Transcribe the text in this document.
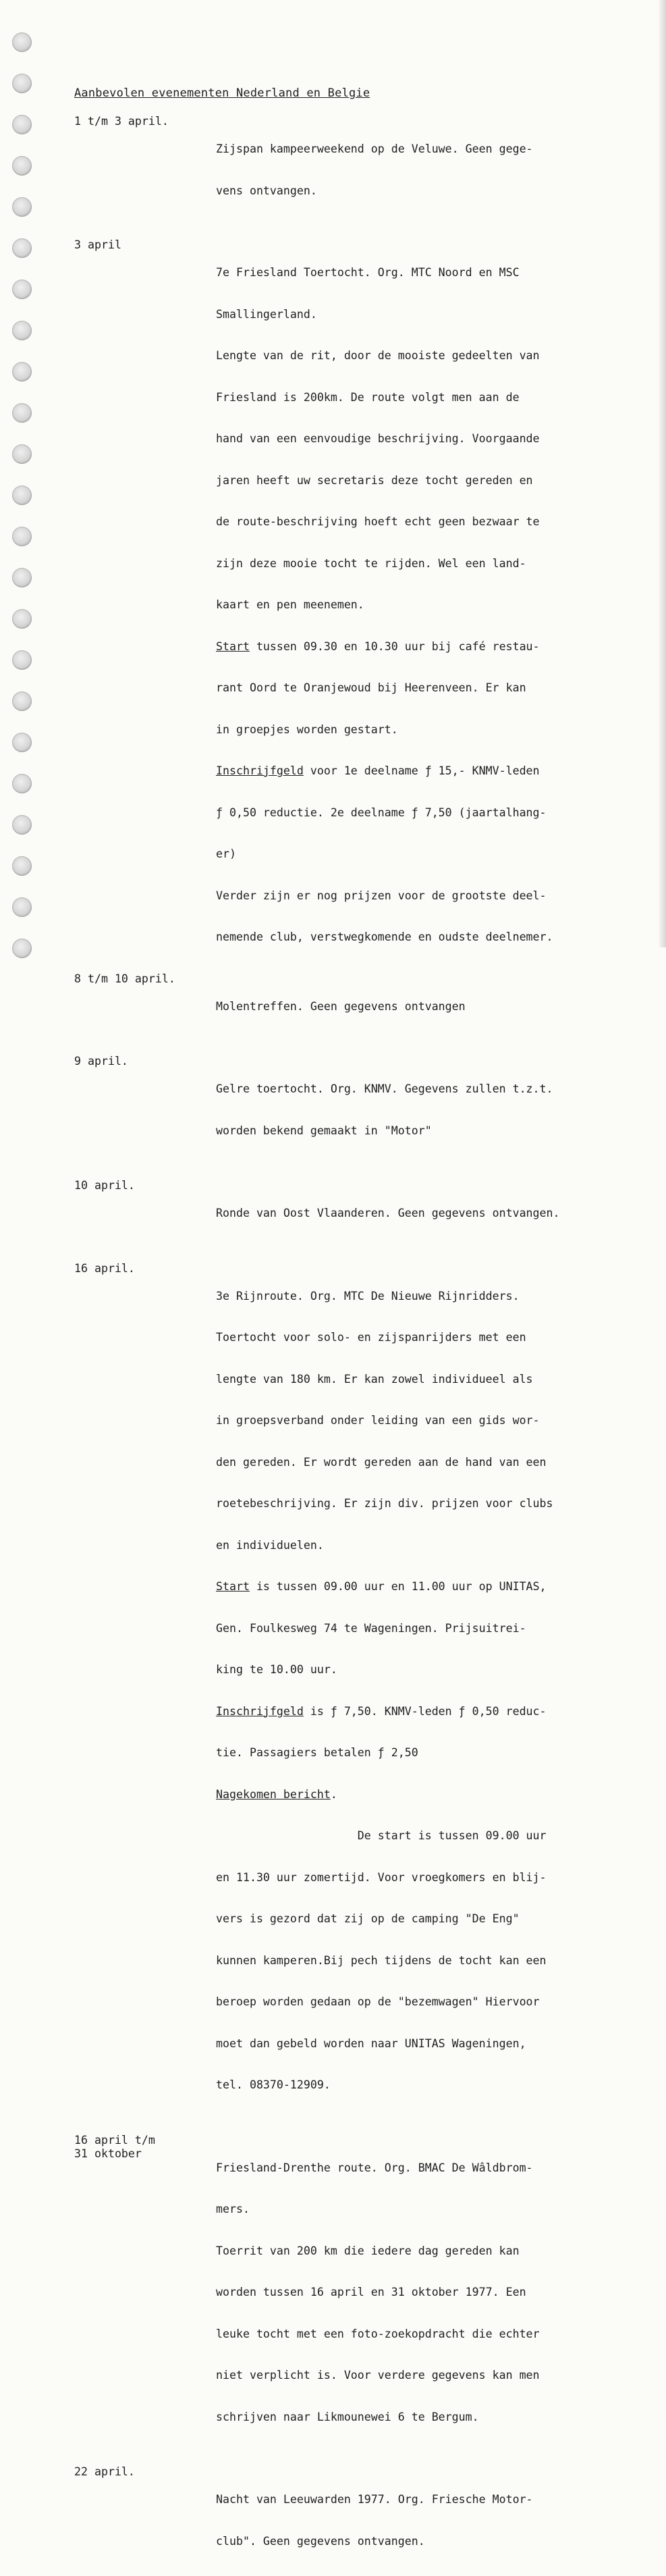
Aanbevolen evenementen Nederland en Belgie
1 t/m 3 april.

Zijspan kampeerweekend op de Veluwe. Geen gege-

vens ontvangen.

3 april

7e Friesland Toertocht. Org. MTC Noord en MSC

Smallingerland.

Lengte van de rit, door de mooiste gedeelten van

Friesland is 200km. De route volgt men aan de

hand van een eenvoudige beschrijving. Voorgaande

jaren heeft uw secretaris deze tocht gereden en

de route-beschrijving hoeft echt geen bezwaar te

zijn deze mooie tocht te rijden. Wel een land-

kaart en pen meenemen.

Start tussen 09.30 en 10.30 uur bij café restau-

rant Oord te Oranjewoud bij Heerenveen. Er kan

in groepjes worden gestart.

Inschrijfgeld voor 1e deelname ƒ 15,- KNMV-leden

ƒ 0,50 reductie. 2e deelname ƒ 7,50 (jaartalhang-

er)

Verder zijn er nog prijzen voor de grootste deel-

nemende club, verstwegkomende en oudste deelnemer.

8 t/m 10 april.

Molentreffen. Geen gegevens ontvangen

9 april.

Gelre toertocht. Org. KNMV. Gegevens zullen t.z.t.

worden bekend gemaakt in "Motor"

10 april.

Ronde van Oost Vlaanderen. Geen gegevens ontvangen.

16 april.

3e Rijnroute. Org. MTC De Nieuwe Rijnridders.

Toertocht voor solo- en zijspanrijders met een

lengte van 180 km. Er kan zowel individueel als

in groepsverband onder leiding van een gids wor-

den gereden. Er wordt gereden aan de hand van een

roetebeschrijving. Er zijn div. prijzen voor clubs

en individuelen.

Start is tussen 09.00 uur en 11.00 uur op UNITAS,

Gen. Foulkesweg 74 te Wageningen. Prijsuitrei-

king te 10.00 uur.

Inschrijfgeld is ƒ 7,50. KNMV-leden ƒ 0,50 reduc-

tie. Passagiers betalen ƒ 2,50

Nagekomen bericht.

De start is tussen 09.00 uur

en 11.30 uur zomertijd. Voor vroegkomers en blij-

vers is gezord dat zij op de camping "De Eng"

kunnen kamperen.Bij pech tijdens de tocht kan een

beroep worden gedaan op de "bezemwagen" Hiervoor

moet dan gebeld worden naar UNITAS Wageningen,

tel. 08370-12909.

16 april t/m
31 oktober

Friesland-Drenthe route. Org. BMAC De Wâldbrom-

mers.

Toerrit van 200 km die iedere dag gereden kan

worden tussen 16 april en 31 oktober 1977. Een

leuke tocht met een foto-zoekopdracht die echter

niet verplicht is. Voor verdere gegevens kan men

schrijven naar Likmounewei 6 te Bergum.

22 april.

Nacht van Leeuwarden 1977. Org. Friesche Motor-

club". Geen gegevens ontvangen.
